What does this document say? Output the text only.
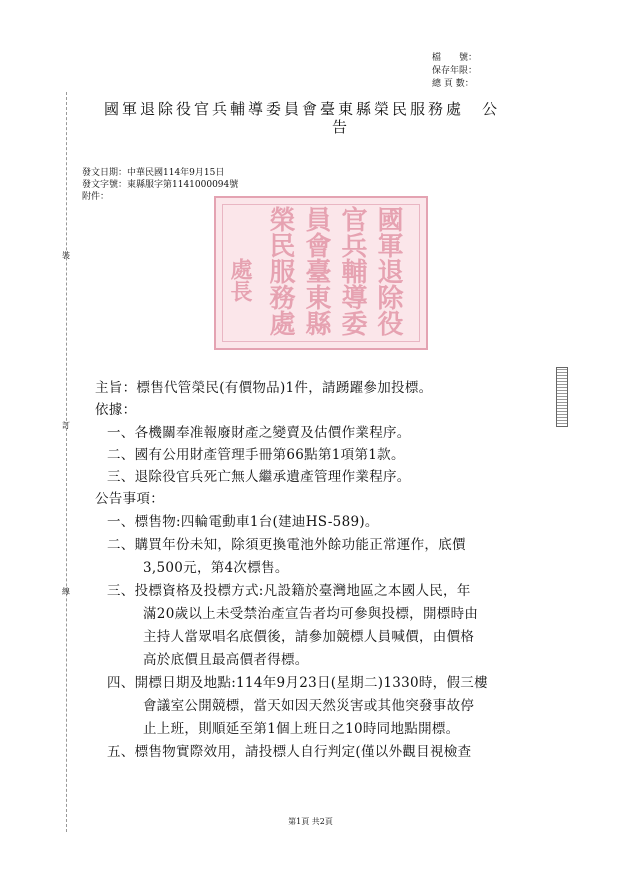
檔　　號：
保存年限：
總 頁 數：
裝
訂
線
國軍退除役官兵輔導委員會臺東縣榮民服務處　公
告
發文日期：中華民國114年9月15日
發文字號：東縣服字第1141000094號
附件：
國軍退除役
官兵輔導委
員會臺東縣
榮民服務處
處長
主旨：標售代管榮民(有價物品)1件，請踴躍參加投標。
依據：
一、各機關奉准報廢財產之變賣及估價作業程序。
二、國有公用財產管理手冊第66點第1項第1款。
三、退除役官兵死亡無人繼承遺產管理作業程序。
公告事項：
一、標售物:四輪電動車1台(建迪HS-589)。
二、購買年份未知，除須更換電池外餘功能正常運作，底價
3,500元，第4次標售。
三、投標資格及投標方式:凡設籍於臺灣地區之本國人民，年
滿20歲以上未受禁治產宣告者均可參與投標，開標時由
主持人當眾唱名底價後，請參加競標人員喊價，由價格
高於底價且最高價者得標。
四、開標日期及地點:114年9月23日(星期二)1330時，假三樓
會議室公開競標，當天如因天然災害或其他突發事故停
止上班，則順延至第1個上班日之10時同地點開標。
五、標售物實際效用，請投標人自行判定(僅以外觀目視檢查
第1頁 共2頁
